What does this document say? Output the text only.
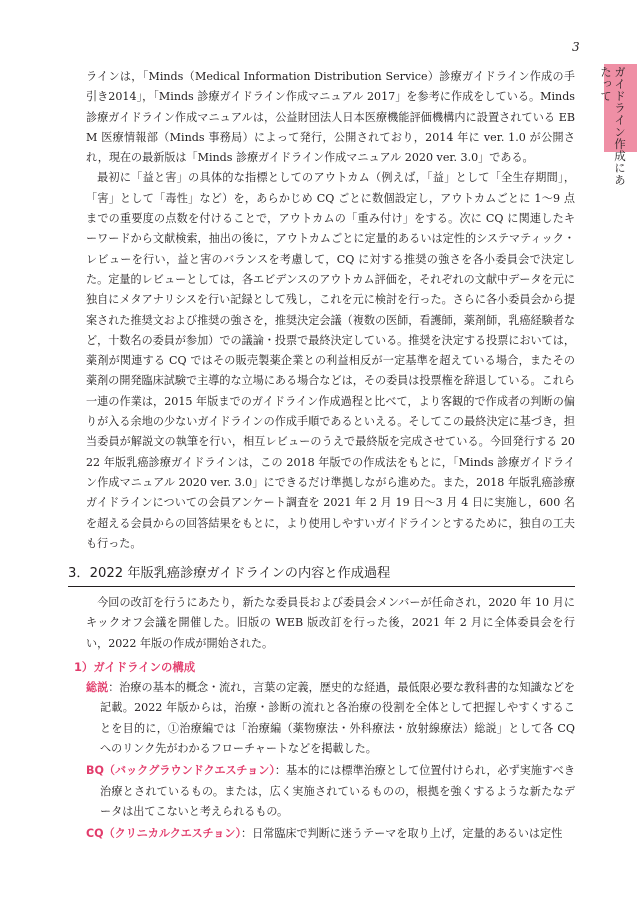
3
ガイドライン作成にあたって

ラインは，「Minds（Medical Information Distribution Service）診療ガイドライン作成の手引き2014」，「Minds 診療ガイドライン作成マニュアル 2017」を参考に作成をしている。Minds 診療ガイドライン作成マニュアルは，公益財団法人日本医療機能評価機構内に設置されている EBM 医療情報部（Minds 事務局）によって発行，公開されており，2014 年に ver. 1.0 が公開され，現在の最新版は「Minds 診療ガイドライン作成マニュアル 2020 ver. 3.0」である。

最初に「益と害」の具体的な指標としてのアウトカム（例えば，「益」として「全生存期間」，「害」として「毒性」など）を，あらかじめ CQ ごとに数個設定し，アウトカムごとに 1〜9 点までの重要度の点数を付けることで，アウトカムの「重み付け」をする。次に CQ に関連したキーワードから文献検索，抽出の後に，アウトカムごとに定量的あるいは定性的システマティック・レビューを行い，益と害のバランスを考慮して，CQ に対する推奨の強さを各小委員会で決定した。定量的レビューとしては，各エビデンスのアウトカム評価を，それぞれの文献中データを元に独自にメタアナリシスを行い記録として残し，これを元に検討を行った。さらに各小委員会から提案された推奨文および推奨の強さを，推奨決定会議（複数の医師，看護師，薬剤師，乳癌経験者など，十数名の委員が参加）での議論・投票で最終決定している。推奨を決定する投票においては，薬剤が関連する CQ ではその販売製薬企業との利益相反が一定基準を超えている場合，またその薬剤の開発臨床試験で主導的な立場にある場合などは，その委員は投票権を辞退している。これら一連の作業は，2015 年版までのガイドライン作成過程と比べて，より客観的で作成者の判断の偏りが入る余地の少ないガイドラインの作成手順であるといえる。そしてこの最終決定に基づき，担当委員が解説文の執筆を行い，相互レビューのうえで最終版を完成させている。今回発行する 2022 年版乳癌診療ガイドラインは，この 2018 年版での作成法をもとに，「Minds 診療ガイドライン作成マニュアル 2020 ver. 3.0」にできるだけ準拠しながら進めた。また，2018 年版乳癌診療ガイドラインについての会員アンケート調査を 2021 年 2 月 19 日〜3 月 4 日に実施し，600 名を超える会員からの回答結果をもとに，より使用しやすいガイドラインとするために，独自の工夫も行った。

3．2022 年版乳癌診療ガイドラインの内容と作成過程

今回の改訂を行うにあたり，新たな委員長および委員会メンバーが任命され，2020 年 10 月にキックオフ会議を開催した。旧版の WEB 版改訂を行った後，2021 年 2 月に全体委員会を行い，2022 年版の作成が開始された。

1）ガイドラインの構成

総説：治療の基本的概念・流れ，言葉の定義，歴史的な経過，最低限必要な教科書的な知識などを記載。2022 年版からは，治療・診断の流れと各治療の役割を全体として把握しやすくすることを目的に，①治療編では「治療編（薬物療法・外科療法・放射線療法）総説」として各 CQ へのリンク先がわかるフローチャートなどを掲載した。

BQ（バックグラウンドクエスチョン）：基本的には標準治療として位置付けられ，必ず実施すべき治療とされているもの。または，広く実施されているものの，根拠を強くするような新たなデータは出てこないと考えられるもの。

CQ（クリニカルクエスチョン）：日常臨床で判断に迷うテーマを取り上げ，定量的あるいは定性
